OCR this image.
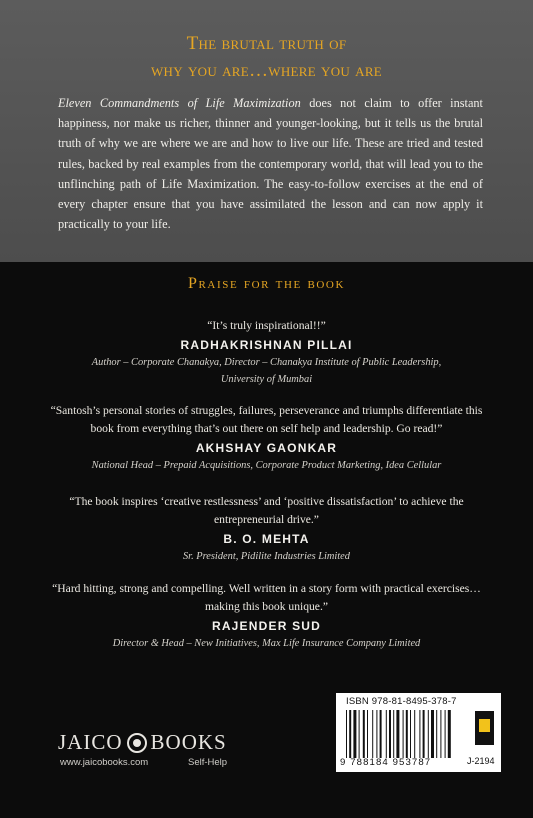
The brutal truth of
why you are…where you are
Eleven Commandments of Life Maximization does not claim to offer instant happiness, nor make us richer, thinner and younger-looking, but it tells us the brutal truth of why we are where we are and how to live our life. These are tried and tested rules, backed by real examples from the contemporary world, that will lead you to the unflinching path of Life Maximization. The easy-to-follow exercises at the end of every chapter ensure that you have assimilated the lesson and can now apply it practically to your life.
Praise for the book
“It’s truly inspirational!!”
RADHAKRISHNAN PILLAI
Author – Corporate Chanakya, Director – Chanakya Institute of Public Leadership,
University of Mumbai
“Santosh’s personal stories of struggles, failures, perseverance and triumphs differentiate this book from everything that’s out there on self help and leadership. Go read!”
AKHSHAY GAONKAR
National Head – Prepaid Acquisitions, Corporate Product Marketing, Idea Cellular
“The book inspires ‘creative restlessness’ and ‘positive dissatisfaction’ to achieve the entrepreneurial drive.”
B. O. MEHTA
Sr. President, Pidilite Industries Limited
“Hard hitting, strong and compelling. Well written in a story form with practical exercises…making this book unique.”
RAJENDER SUD
Director & Head – New Initiatives, Max Life Insurance Company Limited
JAICO BOOKS
www.jaicobooks.com	Self-Help
ISBN 978-81-8495-378-7
9 788184 953787	J-2194
